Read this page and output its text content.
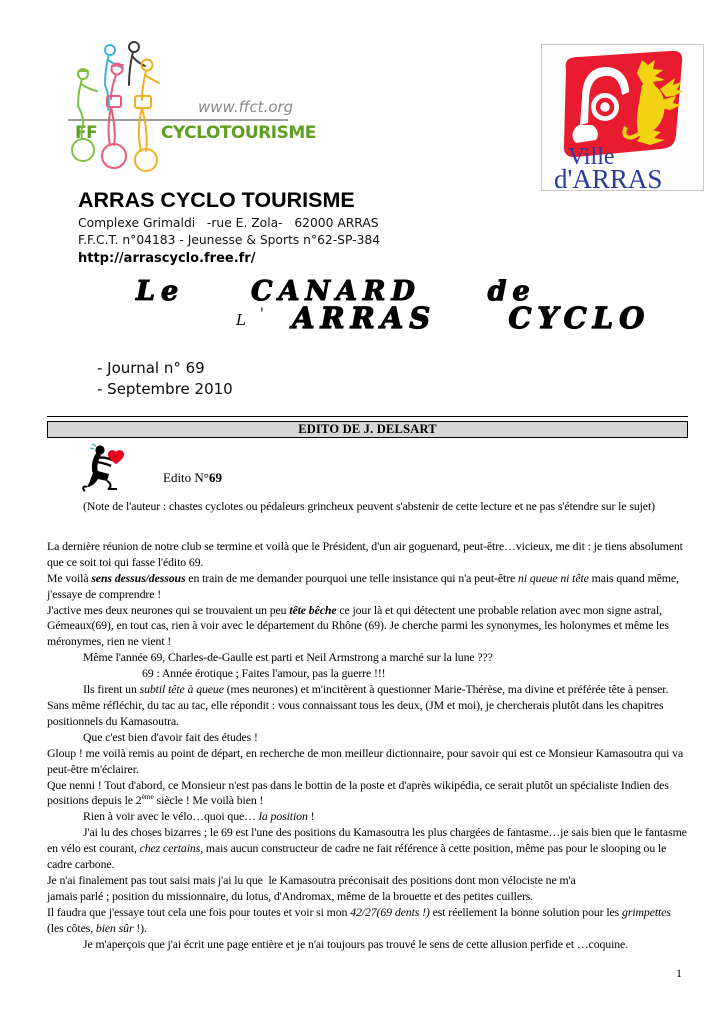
www.ffct.org
FF	CYCLOTOURISME
Ville
d'ARRAS
ARRAS CYCLO TOURISME

Complexe Grimaldi   -rue E. Zola-   62000 ARRAS

F.F.C.T. n°04183 - Jeunesse & Sports n°62-SP-384

http://arrascyclo.free.fr/

Le  CANARD  de
L ' ARRAS  CYCLO
- Journal n° 69
- Septembre 2010
EDITO DE J. DELSART
Edito N°69
(Note de l'auteur : chastes cyclotes ou pédaleurs grincheux peuvent s'abstenir de cette lecture et ne pas s'étendre sur le sujet)
La dernière réunion de notre club se termine et voilà que le Président, d'un air goguenard, peut-être…vicieux, me dit : je tiens absolument que ce soit toi qui fasse l'édito 69.
Me voilà sens dessus/dessous en train de me demander pourquoi une telle insistance qui n'a peut-être ni queue ni tête mais quand même, j'essaye de comprendre !
J'active mes deux neurones qui se trouvaient un peu tête bêche ce jour là et qui détectent une probable relation avec mon signe astral, Gémeaux(69), en tout cas, rien à voir avec le département du Rhône (69). Je cherche parmi les synonymes, les holonymes et même les méronymes, rien ne vient !
Même l'année 69, Charles-de-Gaulle est parti et Neil Armstrong a marché sur la lune ???
69 : Année érotique ; Faites l'amour, pas la guerre !!!
Ils firent un subtil tête à queue (mes neurones) et m'incitèrent à questionner Marie-Thérèse, ma divine et préférée tête à penser.
Sans même réfléchir, du tac au tac, elle répondit : vous connaissant tous les deux, (JM et moi), je chercherais plutôt dans les chapitres positionnels du Kamasoutra.
Que c'est bien d'avoir fait des études !
Gloup ! me voilà remis au point de départ, en recherche de mon meilleur dictionnaire, pour savoir qui est ce Monsieur Kamasoutra qui va peut-être m'éclairer.
Que nenni ! Tout d'abord, ce Monsieur n'est pas dans le bottin de la poste et d'après wikipédia, ce serait plutôt un spécialiste Indien des positions depuis le 2ème siècle ! Me voilà bien !
Rien à voir avec le vélo…quoi que… la position !
J'ai lu des choses bizarres ; le 69 est l'une des positions du Kamasoutra les plus chargées de fantasme…je sais bien que le fantasme en vélo est courant, chez certains, mais aucun constructeur de cadre ne fait référence à cette position, même pas pour le slooping ou le cadre carbone.
Je n'ai finalement pas tout saisi mais j'ai lu que  le Kamasoutra préconisait des positions dont mon vélociste ne m'a
jamais parlé ; position du missionnaire, du lotus, d'Andromax, même de la brouette et des petites cuillers.
Il faudra que j'essaye tout cela une fois pour toutes et voir si mon 42/27(69 dents !) est réellement la bonne solution pour les grimpettes (les côtes, bien sûr !).
Je m'aperçois que j'ai écrit une page entière et je n'ai toujours pas trouvé le sens de cette allusion perfide et …coquine.
1
